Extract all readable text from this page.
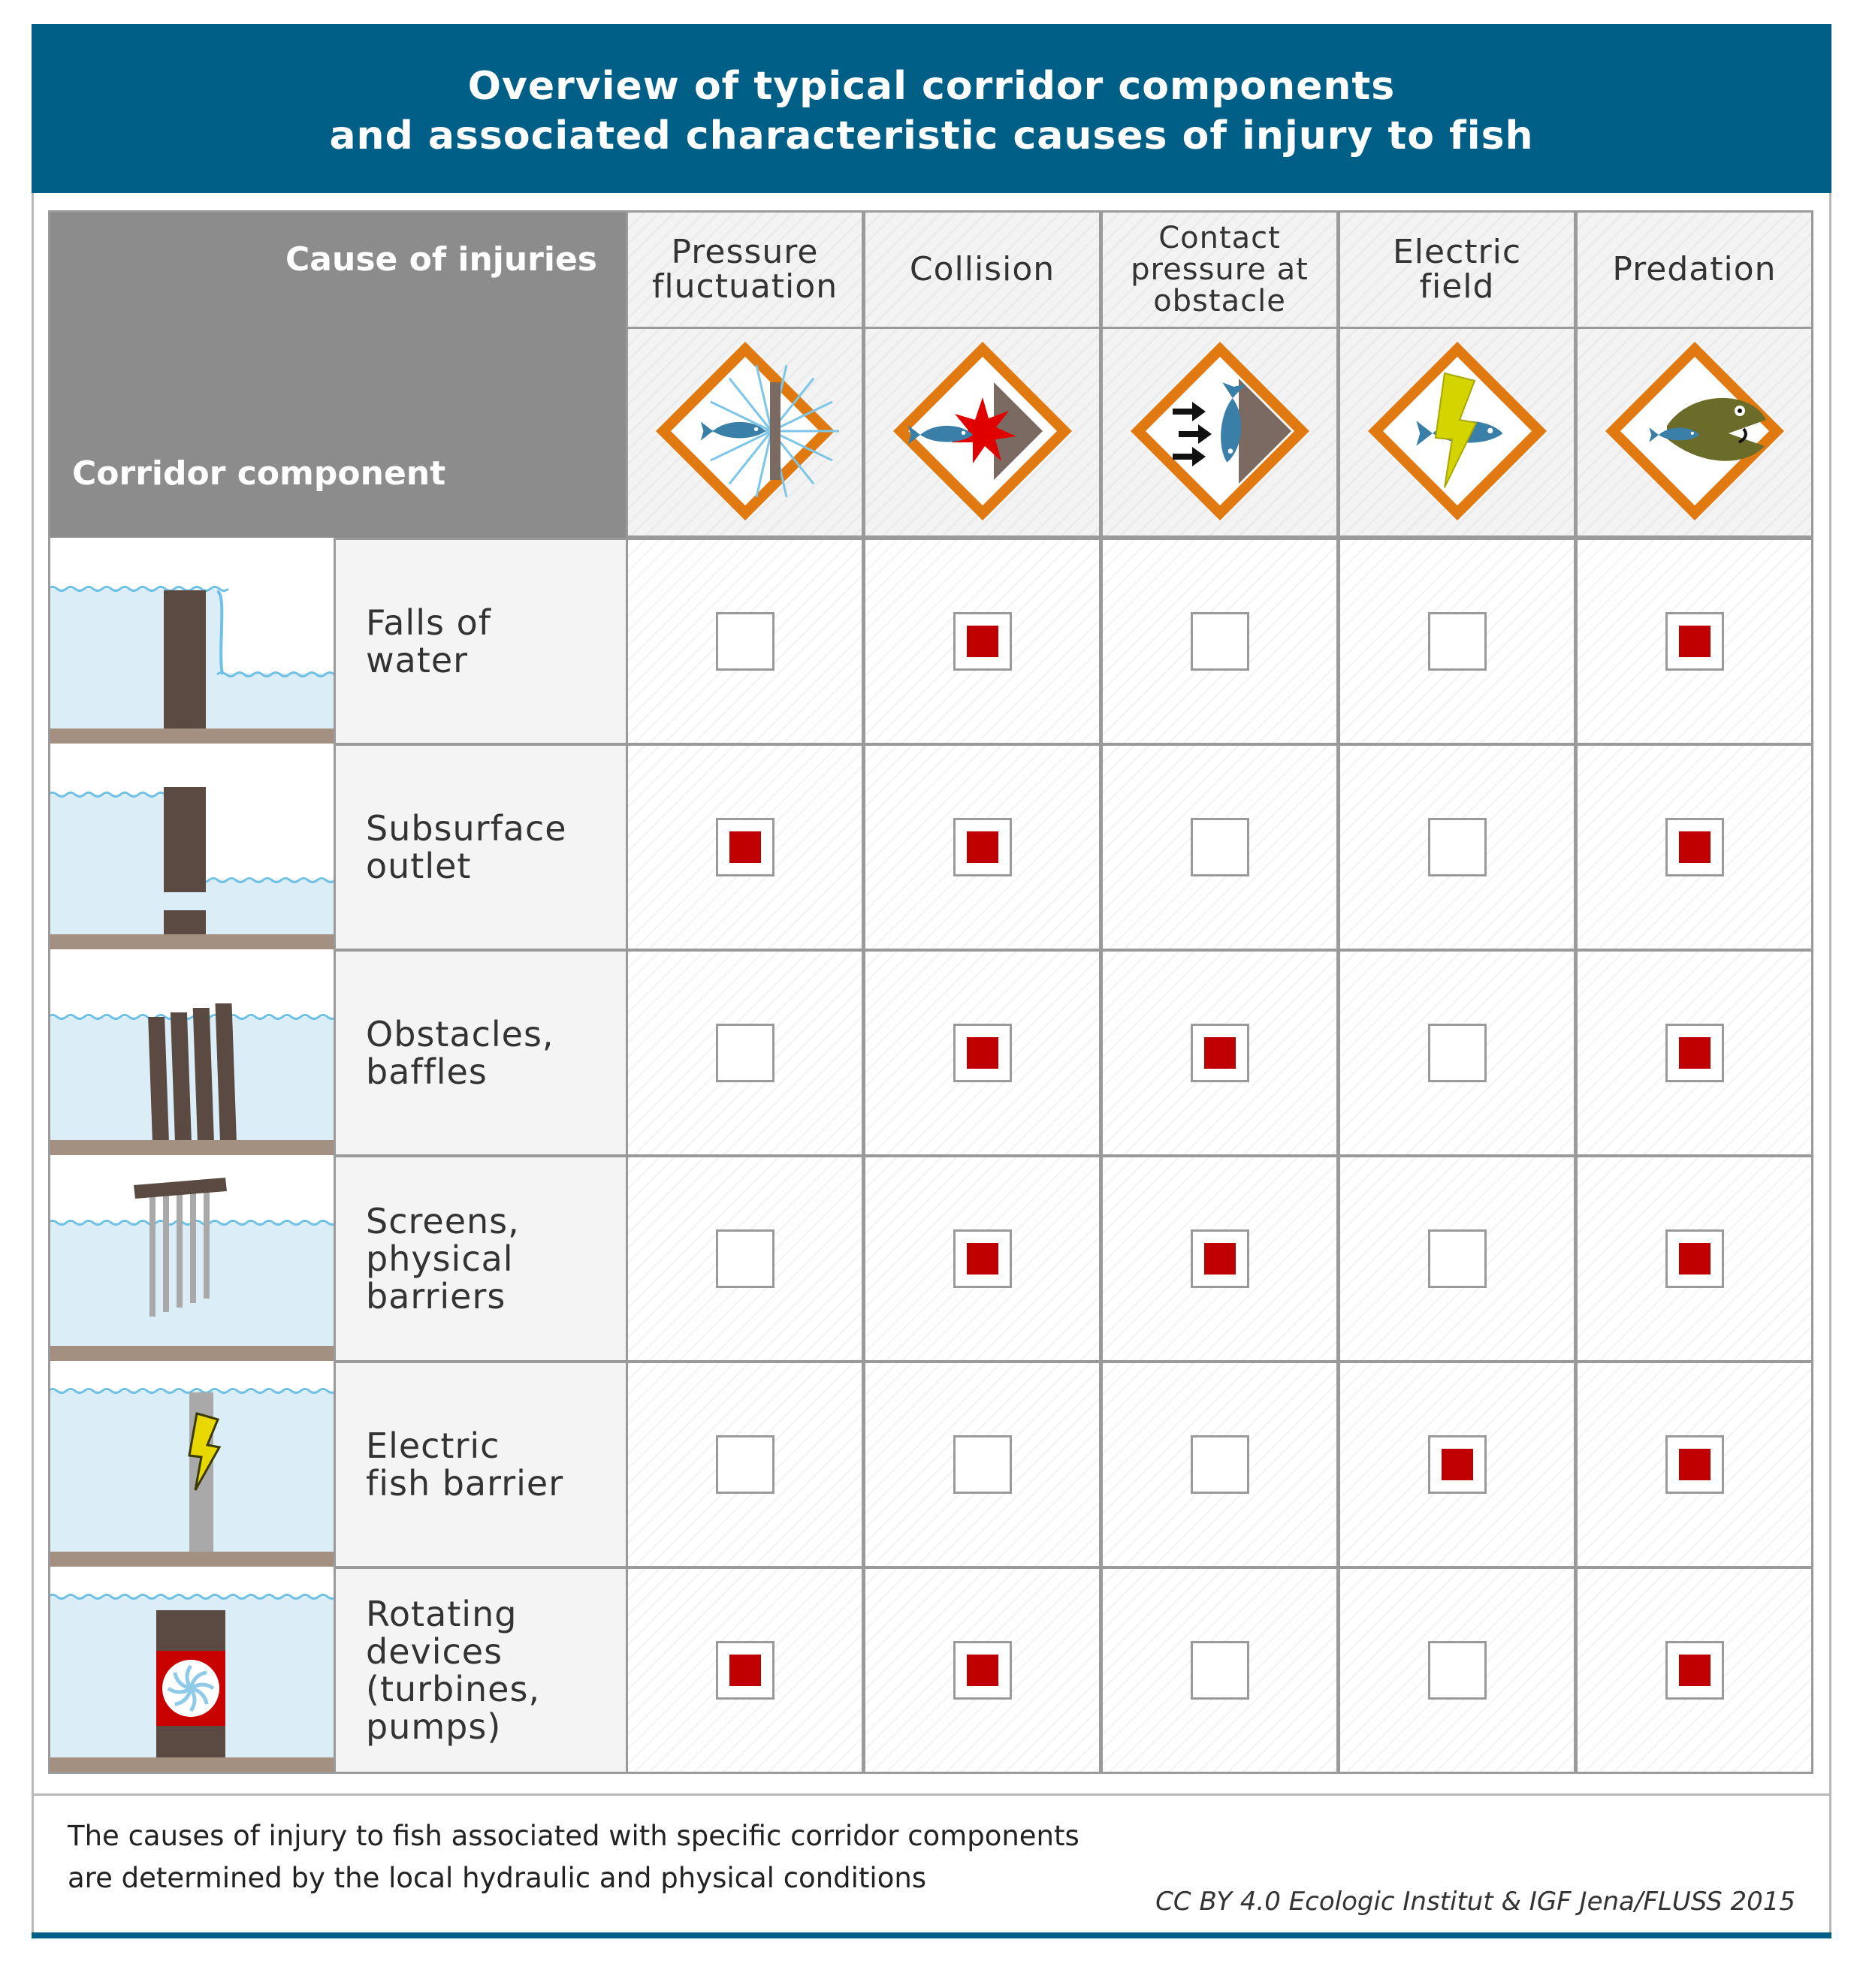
Overview of typical corridor components
and associated characteristic causes of injury to fish
The causes of injury to fish associated with specific corridor components
are determined by the local hydraulic and physical conditions
CC BY 4.0 Ecologic Institut & IGF Jena/FLUSS 2015
Cause of injuries
Corridor component
Pressure fluctuation	Collision
Contact pressure at obstacle
Electric field	Predation
Falls of water
Subsurface outlet
Obstacles, baffles
Screens, physical barriers
Electric fish barrier
Rotating devices (turbines, pumps)
